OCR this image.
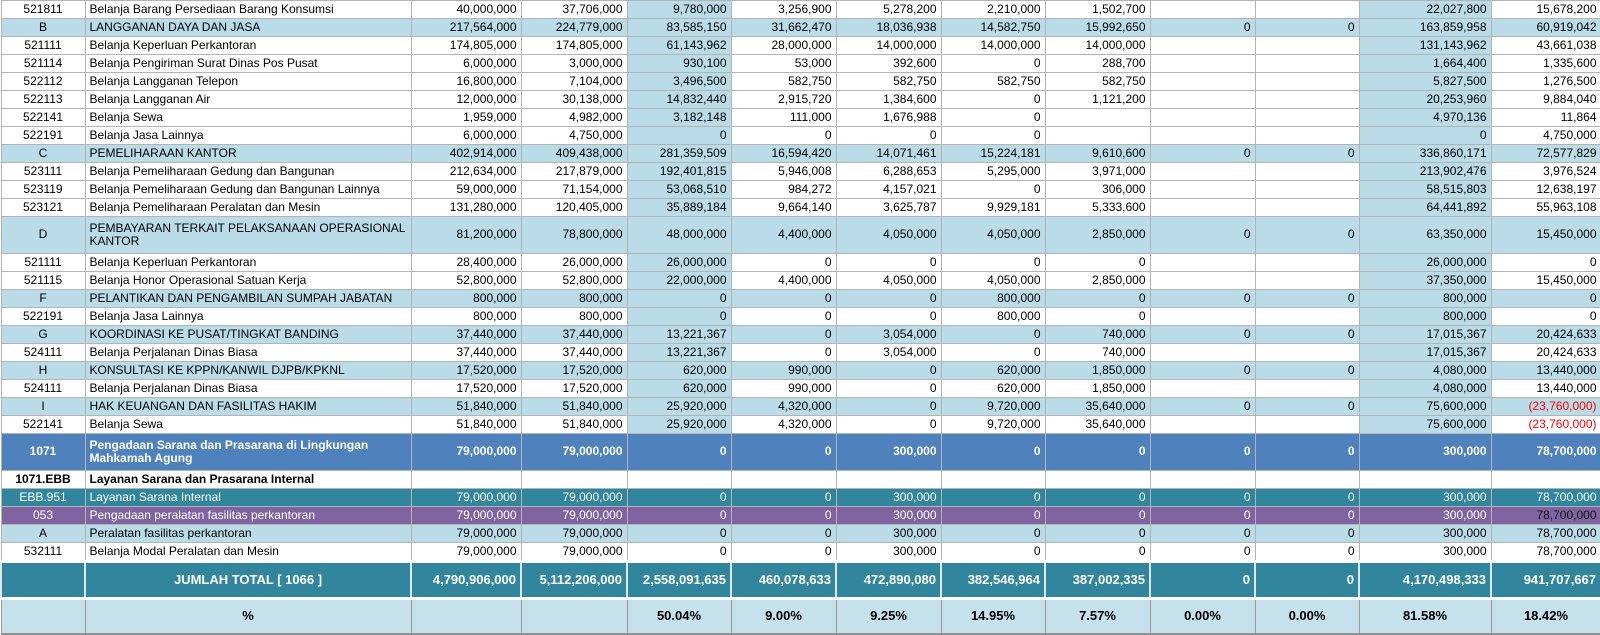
521811	Belanja Barang Persediaan Barang Konsumsi	40,000,000	37,706,000	9,780,000	3,256,900	5,278,200	2,210,000	1,502,700			22,027,800	15,678,200
B	LANGGANAN DAYA DAN JASA	217,564,000	224,779,000	83,585,150	31,662,470	18,036,938	14,582,750	15,992,650	0	0	163,859,958	60,919,042
521111	Belanja Keperluan Perkantoran	174,805,000	174,805,000	61,143,962	28,000,000	14,000,000	14,000,000	14,000,000			131,143,962	43,661,038
521114	Belanja Pengiriman Surat Dinas Pos Pusat	6,000,000	3,000,000	930,100	53,000	392,600	0	288,700			1,664,400	1,335,600
522112	Belanja Langganan Telepon	16,800,000	7,104,000	3,496,500	582,750	582,750	582,750	582,750			5,827,500	1,276,500
522113	Belanja Langganan Air	12,000,000	30,138,000	14,832,440	2,915,720	1,384,600	0	1,121,200			20,253,960	9,884,040
522141	Belanja Sewa	1,959,000	4,982,000	3,182,148	111,000	1,676,988	0				4,970,136	11,864
522191	Belanja Jasa Lainnya	6,000,000	4,750,000	0	0	0	0				0	4,750,000
C	PEMELIHARAAN KANTOR	402,914,000	409,438,000	281,359,509	16,594,420	14,071,461	15,224,181	9,610,600	0	0	336,860,171	72,577,829
523111	Belanja Pemeliharaan Gedung dan Bangunan	212,634,000	217,879,000	192,401,815	5,946,008	6,288,653	5,295,000	3,971,000			213,902,476	3,976,524
523119	Belanja Pemeliharaan Gedung dan Bangunan Lainnya	59,000,000	71,154,000	53,068,510	984,272	4,157,021	0	306,000			58,515,803	12,638,197
523121	Belanja Pemeliharaan Peralatan dan Mesin	131,280,000	120,405,000	35,889,184	9,664,140	3,625,787	9,929,181	5,333,600			64,441,892	55,963,108
D	PEMBAYARAN TERKAIT PELAKSANAAN OPERASIONAL KANTOR	81,200,000	78,800,000	48,000,000	4,400,000	4,050,000	4,050,000	2,850,000	0	0	63,350,000	15,450,000
521111	Belanja Keperluan Perkantoran	28,400,000	26,000,000	26,000,000	0	0	0	0			26,000,000	0
521115	Belanja Honor Operasional Satuan Kerja	52,800,000	52,800,000	22,000,000	4,400,000	4,050,000	4,050,000	2,850,000			37,350,000	15,450,000
F	PELANTIKAN DAN PENGAMBILAN SUMPAH JABATAN	800,000	800,000	0	0	0	800,000	0	0	0	800,000	0
522191	Belanja Jasa Lainnya	800,000	800,000	0	0	0	800,000	0			800,000	0
G	KOORDINASI KE PUSAT/TINGKAT BANDING	37,440,000	37,440,000	13,221,367	0	3,054,000	0	740,000	0	0	17,015,367	20,424,633
524111	Belanja Perjalanan Dinas Biasa	37,440,000	37,440,000	13,221,367	0	3,054,000	0	740,000			17,015,367	20,424,633
H	KONSULTASI KE KPPN/KANWIL DJPB/KPKNL	17,520,000	17,520,000	620,000	990,000	0	620,000	1,850,000	0	0	4,080,000	13,440,000
524111	Belanja Perjalanan Dinas Biasa	17,520,000	17,520,000	620,000	990,000	0	620,000	1,850,000			4,080,000	13,440,000
I	HAK KEUANGAN DAN FASILITAS HAKIM	51,840,000	51,840,000	25,920,000	4,320,000	0	9,720,000	35,640,000	0	0	75,600,000	(23,760,000)
522141	Belanja Sewa	51,840,000	51,840,000	25,920,000	4,320,000	0	9,720,000	35,640,000			75,600,000	(23,760,000)
1071	Pengadaan Sarana dan Prasarana di Lingkungan Mahkamah Agung	79,000,000	79,000,000	0	0	300,000	0	0	0	0	300,000	78,700,000
1071.EBB	Layanan Sarana dan Prasarana Internal											
EBB.951	Layanan Sarana Internal	79,000,000	79,000,000	0	0	300,000	0	0	0	0	300,000	78,700,000
053	Pengadaan peralatan fasilitas perkantoran	79,000,000	79,000,000	0	0	300,000	0	0	0	0	300,000	78,700,000
A	Peralatan fasilitas perkantoran	79,000,000	79,000,000	0	0	300,000	0	0	0	0	300,000	78,700,000
532111	Belanja Modal Peralatan dan Mesin	79,000,000	79,000,000	0	0	300,000	0	0	0	0	300,000	78,700,000
	JUMLAH TOTAL [ 1066 ]	4,790,906,000	5,112,206,000	2,558,091,635	460,078,633	472,890,080	382,546,964	387,002,335	0	0	4,170,498,333	941,707,667
	%			50.04%	9.00%	9.25%	14.95%	7.57%	0.00%	0.00%	81.58%	18.42%
